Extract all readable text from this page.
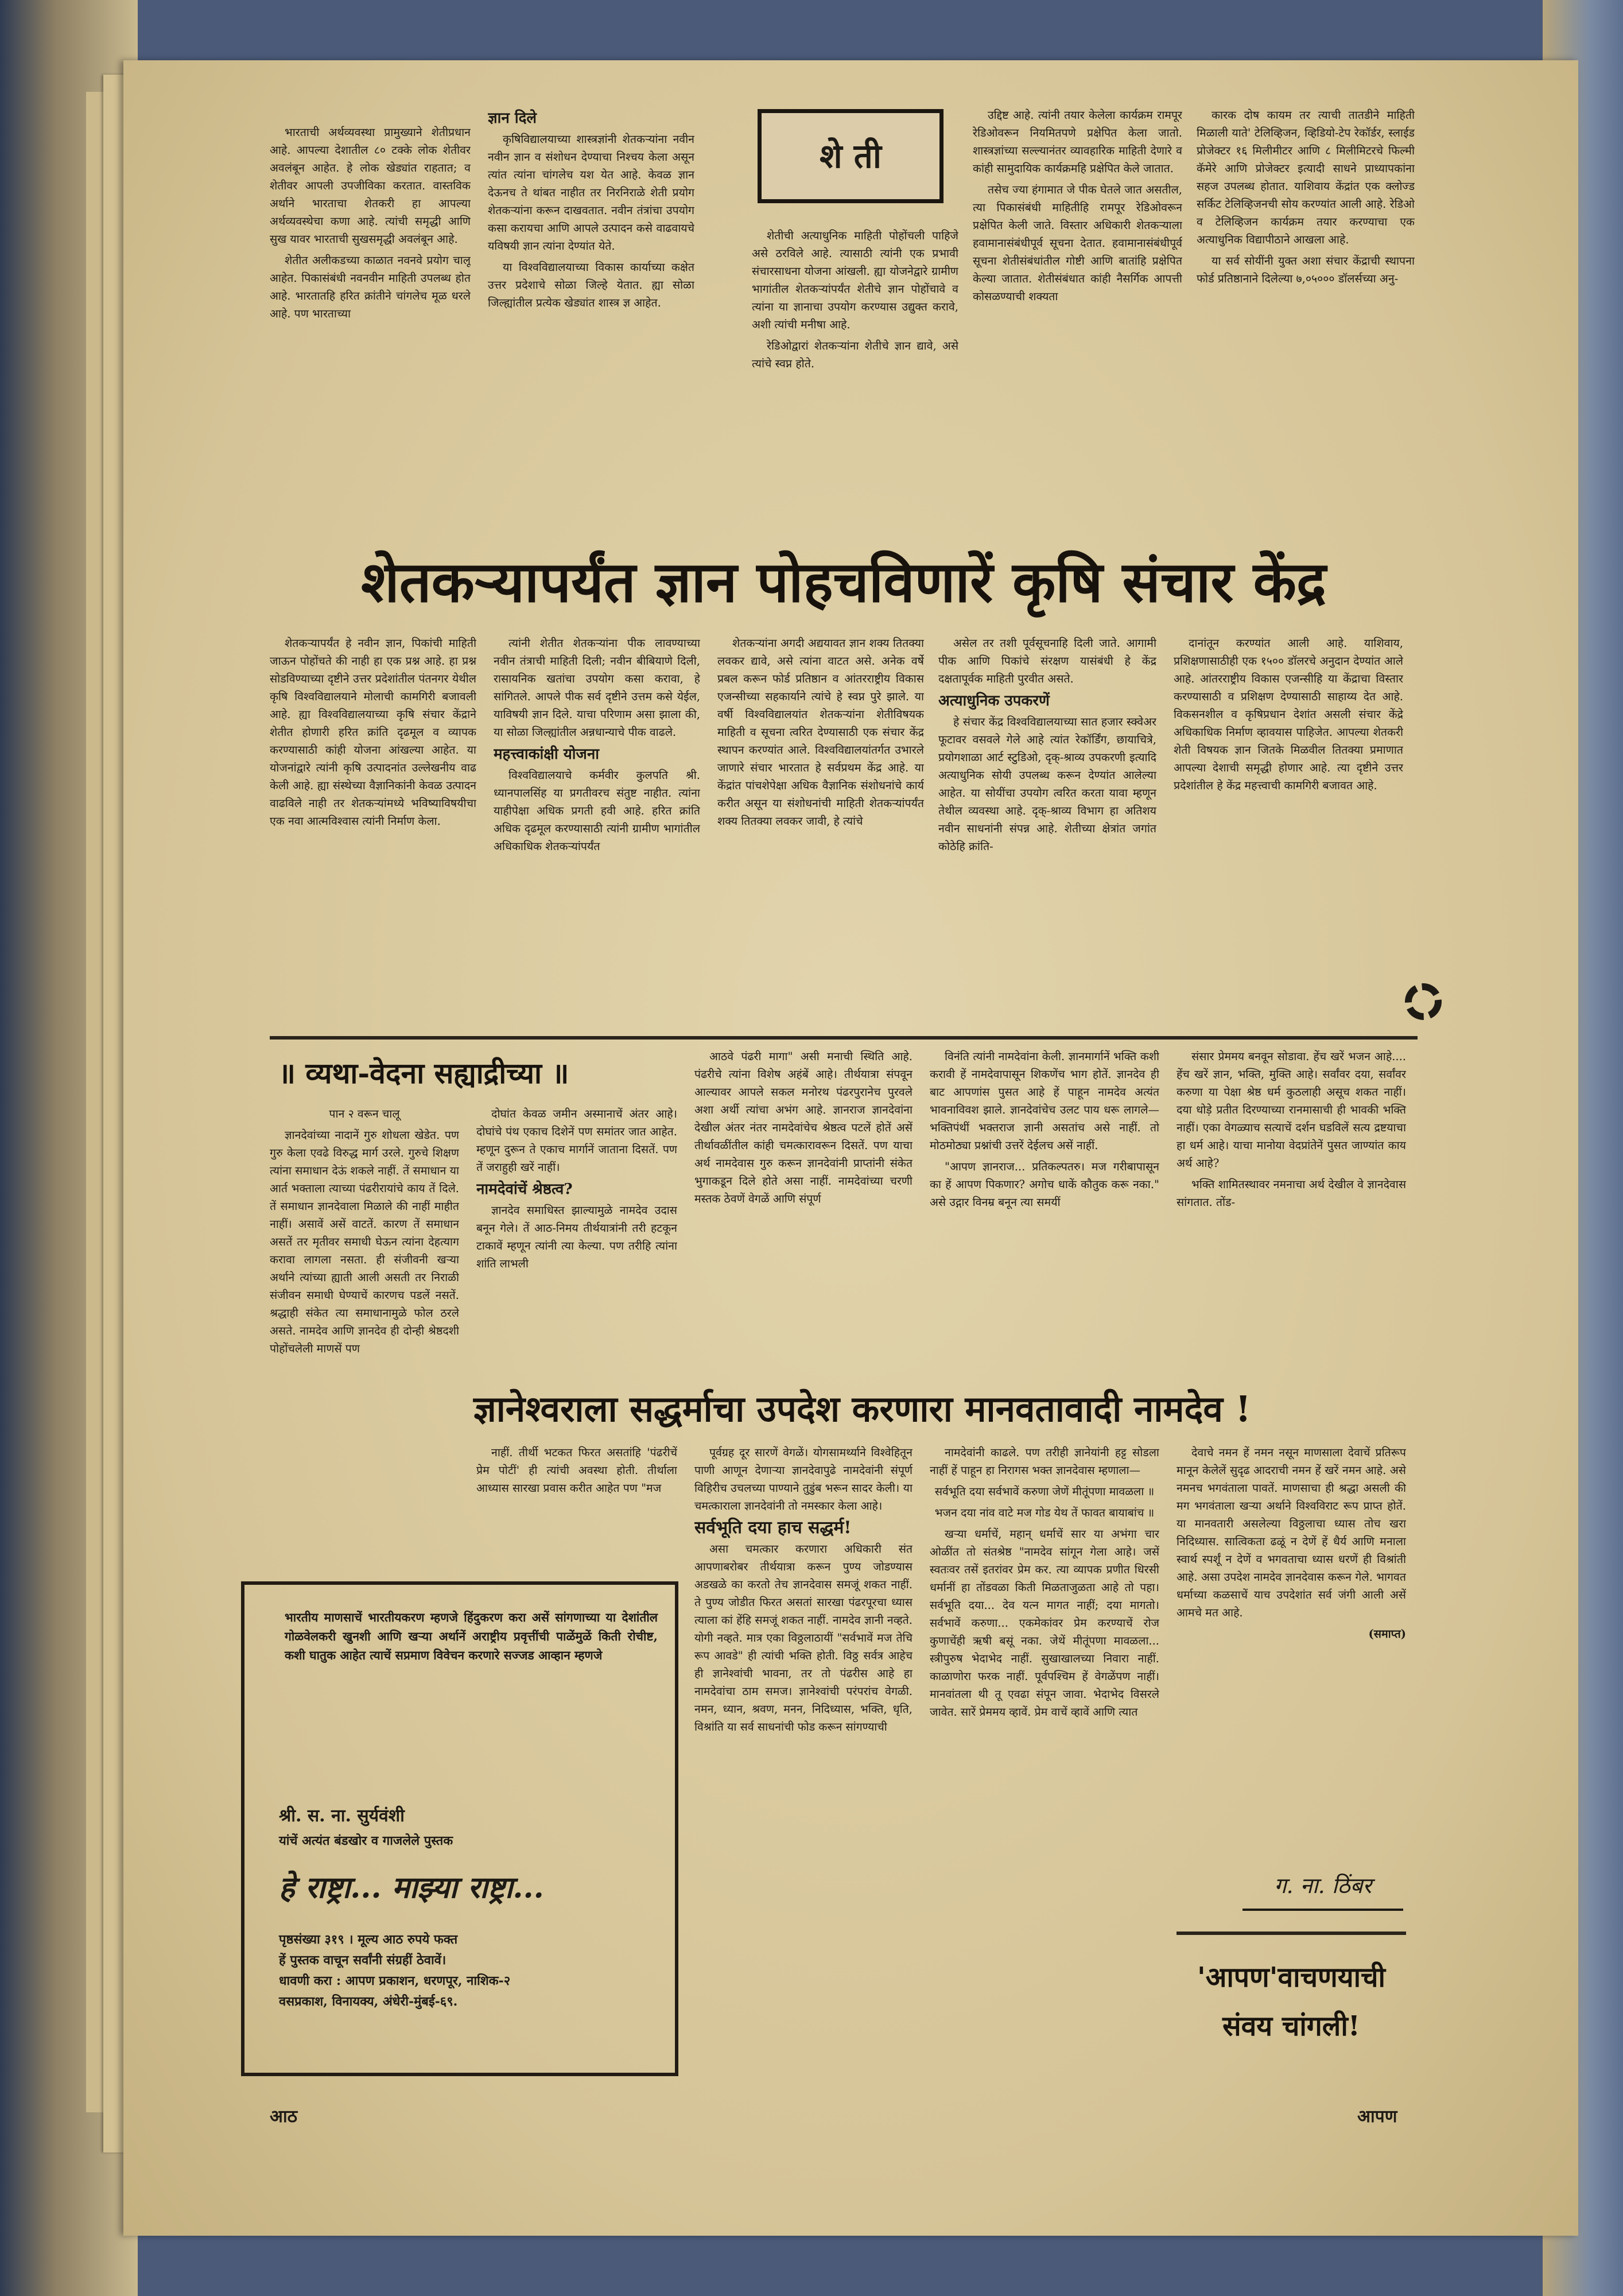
भारताची अर्थव्यवस्था प्रामुख्याने शेतीप्रधान आहे. आपल्या देशातील ८० टक्के लोक शेतीवर अवलंबून आहेत. हे लोक खेड्यांत राहतात; व शेतीवर आपली उपजीविका करतात. वास्तविक अर्थाने भारताचा शेतकरी हा आपल्या अर्थव्यवस्थेचा कणा आहे. त्यांची समृद्धी आणि सुख यावर भारताची सुखसमृद्धी अवलंबून आहे.

शेतीत अलीकडच्या काळात नवनवे प्रयोग चालू आहेत. पिकासंबंधी नवनवीन माहिती उपलब्ध होत आहे. भारतातहि हरित क्रांतीने चांगलेच मूळ धरले आहे. पण भारताच्या

ज्ञान दिले

कृषिविद्यालयाच्या शास्त्रज्ञांनी शेतकऱ्यांना नवीन नवीन ज्ञान व संशोधन देण्याचा निश्चय केला असून त्यांत त्यांना चांगलेच यश येत आहे. केवळ ज्ञान देऊनच ते थांबत नाहीत तर निरनिराळे शेती प्रयोग शेतकऱ्यांना करून दाखवतात. नवीन तंत्रांचा उपयोग कसा करायचा आणि आपले उत्पादन कसे वाढवायचे यविषयी ज्ञान त्यांना देण्यांत येते.

या विश्वविद्यालयाच्या विकास कार्याच्या कक्षेत उत्तर प्रदेशाचे सोळा जिल्हे येतात. ह्या सोळा जिल्ह्यांतील प्रत्येक खेड्यांत शास्त्र ज्ञ आहेत.

शे ती

शेतीची अत्याधुनिक माहिती पोहोंचली पाहिजे असे ठरविले आहे. त्यासाठी त्यांनी एक प्रभावी संचारसाधना योजना आंखली. ह्या योजनेद्वारे ग्रामीण भागांतील शेतकऱ्यांपर्यंत शेतीचे ज्ञान पोहोंचावे व त्यांना या ज्ञानाचा उपयोग करण्यास उद्युक्त करावे, अशी त्यांची मनीषा आहे.

रेडिओद्वारां शेतकऱ्यांना शेतीचे ज्ञान द्यावे, असे त्यांचे स्वप्न होते.

उद्दिष्ट आहे. त्यांनी तयार केलेला कार्यक्रम रामपूर रेडिओवरून नियमितपणे प्रक्षेपित केला जातो. शास्त्रज्ञांच्या सल्ल्यानंतर व्यावहारिक माहिती देणारे व कांही सामुदायिक कार्यक्रमहि प्रक्षेपित केले जातात.

तसेच ज्या हंगामात जे पीक घेतले जात असतील, त्या पिकासंबंधी माहितीहि रामपूर रेडिओवरून प्रक्षेपित केली जाते. विस्तार अधिकारी शेतकऱ्याला हवामानासंबंधीपूर्व सूचना देतात. हवामानासंबंधीपूर्व सूचना शेतीसंबंधांतील गोष्टी आणि बातांहि प्रक्षेपित केल्या जातात. शेतीसंबंधात कांही नैसर्गिक आपत्ती कोसळण्याची शक्यता

कारक दोष कायम तर त्याची तातडीने माहिती मिळाली याते' टेलिव्हिजन, व्हिडियो-टेप रेकॉर्डर, स्लाईड प्रोजेक्टर १६ मिलीमीटर आणि ८ मिलीमिटरचे फिल्मी कॅमेरे आणि प्रोजेक्टर इत्यादी साधने प्राध्यापकांना सहज उपलब्ध होतात. याशिवाय केंद्रांत एक क्लोज्ड सर्किट टेलिव्हिजनची सोय करण्यांत आली आहे. रेडिओ व टेलिव्हिजन कार्यक्रम तयार करण्याचा एक अत्याधुनिक विद्यापीठाने आखला आहे.

या सर्व सोयींनी युक्त अशा संचार केंद्राची स्थापना फोर्ड प्रतिष्ठानाने दिलेल्या ७,०५००० डॉलर्सच्या अनु-

शेतकऱ्यापर्यंत ज्ञान पोहचविणारें कृषि संचार केंद्र

शेतकऱ्यापर्यंत हे नवीन ज्ञान, पिकांची माहिती जाऊन पोहोंचते की नाही हा एक प्रश्न आहे. हा प्रश्न सोडविण्याच्या दृष्टीने उत्तर प्रदेशांतील पंतनगर येथील कृषि विश्वविद्यालयाने मोलाची कामगिरी बजावली आहे. ह्या विश्वविद्यालयाच्या कृषि संचार केंद्राने शेतीत होणारी हरित क्रांति दृढमूल व व्यापक करण्यासाठी कांही योजना आंखल्या आहेत. या योजनांद्वारे त्यांनी कृषि उत्पादनांत उल्लेखनीय वाढ केली आहे. ह्या संस्थेच्या वैज्ञानिकांनी केवळ उत्पादन वाढविले नाही तर शेतकऱ्यांमध्ये भविष्याविषयीचा एक नवा आत्मविश्वास त्यांनी निर्माण केला.

त्यांनी शेतीत शेतकऱ्यांना पीक लावण्याच्या नवीन तंत्राची माहिती दिली; नवीन बीबियाणे दिली, रासायनिक खतांचा उपयोग कसा करावा, हे सांगितले. आपले पीक सर्व दृष्टीने उत्तम कसे येईल, याविषयी ज्ञान दिले. याचा परिणाम असा झाला की, या सोळा जिल्ह्यांतील अन्नधान्याचे पीक वाढले.

महत्त्वाकांक्षी योजना

विश्वविद्यालयाचे कर्मवीर कुलपति श्री. ध्यानपालसिंह या प्रगतीवरच संतुष्ट नाहीत. त्यांना याहीपेक्षा अधिक प्रगती हवी आहे. हरित क्रांति अधिक दृढमूल करण्यासाठी त्यांनी ग्रामीण भागांतील अधिकाधिक शेतकऱ्यांपर्यंत

शेतकऱ्यांना अगदी अद्ययावत ज्ञान शक्य तितक्या लवकर द्यावे, असे त्यांना वाटत असे. अनेक वर्षे प्रबल करून फोर्ड प्रतिष्ठान व आंतरराष्ट्रीय विकास एजन्सीच्या सहकार्याने त्यांचे हे स्वप्न पुरे झाले. या वर्षी विश्वविद्यालयांत शेतकऱ्यांना शेतीविषयक माहिती व सूचना त्वरित देण्यासाठी एक संचार केंद्र स्थापन करण्यांत आले. विश्वविद्यालयांतर्गत उभारले जाणारे संचार भारतात हे सर्वप्रथम केंद्र आहे. या केंद्रांत पांचशेपेक्षा अधिक वैज्ञानिक संशोधनांचे कार्य करीत असून या संशोधनांची माहिती शेतकऱ्यांपर्यंत शक्य तितक्या लवकर जावी, हे त्यांचे

असेल तर तशी पूर्वसूचनाहि दिली जाते. आगामी पीक आणि पिकांचे संरक्षण यासंबंधी हे केंद्र दक्षतापूर्वक माहिती पुरवीत असते.

अत्याधुनिक उपकरणें

हे संचार केंद्र विश्वविद्यालयाच्या सात हजार स्क्वेअर फूटावर वसवले गेले आहे त्यांत रेकॉर्डिंग, छायाचित्रे, प्रयोगशाळा आर्ट स्टुडिओ, दृक्-श्राव्य उपकरणी इत्यादि अत्याधुनिक सोयी उपलब्ध करून देण्यांत आलेल्या आहेत. या सोयींचा उपयोग त्वरित करता यावा म्हणून तेथील व्यवस्था आहे. दृक्-श्राव्य विभाग हा अतिशय नवीन साधनांनी संपन्न आहे. शेतीच्या क्षेत्रांत जगांत कोठेहि क्रांति-

दानांतून करण्यांत आली आहे. याशिवाय, प्रशिक्षणासाठीही एक १५०० डॉलरचे अनुदान देण्यांत आले आहे. आंतरराष्ट्रीय विकास एजन्सीहि या केंद्राचा विस्तार करण्यासाठी व प्रशिक्षण देण्यासाठी साहाय्य देत आहे. विकसनशील व कृषिप्रधान देशांत असली संचार केंद्रे अधिकाधिक निर्माण व्हावयास पाहिजेत. आपल्या शेतकरी शेती विषयक ज्ञान जितके मिळवील तितक्या प्रमाणात आपल्या देशाची समृद्धी होणार आहे. त्या दृष्टीने उत्तर प्रदेशांतील हे केंद्र महत्त्वाची कामगिरी बजावत आहे.

॥ व्यथा-वेदना सह्याद्रीच्या ॥

पान २ वरून चालू

ज्ञानदेवांच्या नादानें गुरु शोधला खेडेत. पण गुरु केला एवढे विरुद्ध मार्ग उरले. गुरुचे शिक्षण त्यांना समाधान देऊं शकले नाहीं. तें समाधान या आर्त भक्ताला त्याच्या पंढरीरायांचे काय तें दिले. तें समाधान ज्ञानदेवाला मिळाले की नाहीं माहीत नाहीं। असावें असें वाटतें. कारण तें समाधान असतें तर मृतीवर समाधी घेऊन त्यांना देहत्याग करावा लागला नसता. ही संजीवनी खऱ्या अर्थाने त्यांच्या ह्याती आली असती तर निराळी संजीवन समाधी घेण्याचें कारणच पडलें नसतें. श्रद्धाही संकेत त्या समाधानामुळे फोल ठरले असते. नामदेव आणि ज्ञानदेव ही दोन्ही श्रेष्ठदशी पोहोंचलेली माणसें पण

दोघांत केवळ जमीन अस्मानाचें अंतर आहे। दोघांचे पंथ एकाच दिशेनें पण समांतर जात आहेत. म्हणून दुरून ते एकाच मार्गानें जाताना दिसतें. पण तें जराहुही खरें नाहीं।

नामदेवांचें श्रेष्ठत्व?

ज्ञानदेव समाधिस्त झाल्यामुळे नामदेव उदास बनून गेले। तें आठ-निमय तीर्थयात्रांनी तरी हटकून टाकावें म्हणून त्यांनी त्या केल्या. पण तरीहि त्यांना शांति लाभली

आठवे पंढरी मागा" असी मनाची स्थिति आहे. पंढरीचे त्यांना विशेष अहंबें आहे। तीर्थयात्रा संपवून आल्यावर आपले सकल मनोरथ पंढरपुरानेच पुरवले अशा अर्थी त्यांचा अभंग आहे. ज्ञानराज ज्ञानदेवांना देखील अंतर नंतर नामदेवांचेच श्रेष्ठत्व पटलें होतें असें तीर्थावळींतील कांही चमत्कारावरून दिसतें. पण याचा अर्थ नामदेवास गुरु करून ज्ञानदेवांनी प्राप्तांनी संकेत भुगाकडून दिले होते असा नाहीं. नामदेवांच्या चरणी मस्तक ठेवणें वेगळें आणि संपूर्ण

विनंति त्यांनी नामदेवांना केली. ज्ञानमार्गानें भक्ति कशी करावी हें नामदेवापासून शिकणेंच भाग होतें. ज्ञानदेव ही बाट आपणांस पुसत आहे हें पाहून नामदेव अत्यंत भावनाविवश झाले. ज्ञानदेवांचेच उलट पाय धरू लागले— भक्तिपंथीं भक्तराज ज्ञानी असतांच असे नाहीं. तो मोठमोठ्या प्रश्नांची उत्तरें देईलच असें नाहीं.

"आपण ज्ञानराज... प्रतिकल्पतरु। मज गरीबापासून का हें आपण पिकणार? अगोच धाकें कौतुक करू नका." असे उद्गार विनम्र बनून त्या समयीं

संसार प्रेममय बनवून सोडावा. हेंच खरें भजन आहे.... हेंच खरें ज्ञान, भक्ति, मुक्ति आहे। सर्वांवर दया, सर्वांवर करुणा या पेक्षा श्रेष्ठ धर्म कुठलाही असूच शकत नाहीं। दया धोड़े प्रतीत दिरण्याच्या रानमासाची ही भावकी भक्ति नाहीं। एका वेगळ्याच सत्याचें दर्शन घडविलें सत्य द्रष्टयाचा हा धर्म आहे। याचा मानोया वेदप्रांतेनें पुसत जाण्यांत काय अर्थ आहे?

भक्ति शामितस्थावर नमनाचा अर्थ देखील वे ज्ञानदेवास सांगतात. तोंड-

ज्ञानेश्वराला सद्धर्माचा उपदेश करणारा मानवतावादी नामदेव !

नाहीं. तीर्थी भटकत फिरत असतांहि 'पंढरीचें प्रेम पोटीं' ही त्यांची अवस्था होती. तीर्थाला आध्यास सारखा प्रवास करीत आहेत पण "मज

पूर्वग्रह दूर सारणें वेगळें। योगसामर्थ्याने विश्वेहितून पाणी आणून देणाऱ्या ज्ञानदेवापुढे नामदेवांनी संपूर्ण विहिरीच उचलच्या पाण्याने तुडुंब भरून सादर केली। या चमत्काराला ज्ञानदेवांनी तो नमस्कार केला आहे।

सर्वभूति दया हाच सद्धर्म!

असा चमत्कार करणारा अधिकारी संत आपणाबरोबर तीर्थयात्रा करून पुण्य जोडण्यास अडखळे का करतो तेच ज्ञानदेवास समजूं शकत नाहीं. ते पुण्य जोडीत फिरत असतां सारखा पंढरपूरचा ध्यास त्याला कां हेंहि समजूं शकत नाहीं. नामदेव ज्ञानी नव्हते. योगी नव्हते. मात्र एका विठ्ठलाठायीं "सर्वभावें मज तेचि रूप आवडे" ही त्यांची भक्ति होती. विठ्ठ सर्वत्र आहेच ही ज्ञानेश्वांची भावना, तर तो पंढरीस आहे हा नामदेवांचा ठाम समज। ज्ञानेश्वांची परंपरांच वेगळी. नमन, ध्यान, श्रवण, मनन, निदिध्यास, भक्ति, धृति, विश्रांति या सर्व साधनांची फोड करून सांगण्याची

नामदेवांनी काढले. पण तरीही ज्ञानेयांनी हट्ट सोडला नाहीं हें पाहून हा निरागस भक्त ज्ञानदेवास म्हणाला—

सर्वभूति दया सर्वभावें करुणा जेणें मीतूंपणा मावळला ॥

भजन दया नांव वाटे मज गोड येथ तें फावत बायाबांच ॥

खऱ्या धर्माचें, महान् धर्माचें सार या अभंगा चार ओळींत तो संतश्रेष्ठ "नामदेव सांगून गेला आहे। जसें स्वतःवर तसें इतरांवर प्रेम कर. त्या व्यापक प्रणीत धिरसी धर्मानीं हा तोंडवळा किती मिळताजुळता आहे तो पहा। सर्वभूति दया... देव यत्न मागत नाहीं; दया मागतो। सर्वभावें करुणा... एकमेकांवर प्रेम करण्याचें रोज कुणाचेंही ऋषी बसूं नका. जेथें मीतूंपणा मावळला... स्त्रीपुरुष भेदाभेद नाहीं. सुखाखालच्या निवारा नाहीं. काळाणोरा फरक नाहीं. पूर्वपश्चिम हें वेगळेंपण नाहीं। मानवांतला थी तू एवढा संपून जावा. भेदाभेद विसरले जावेत. सारें प्रेममय व्हावें. प्रेम वाचें व्हावें आणि त्यात

देवाचे नमन हें नमन नसून माणसाला देवाचें प्रतिरूप मानून केलेलें सुदृढ आदराची नमन हें खरें नमन आहे. असे नमनच भगवंताला पावतें. माणसाचा ही श्रद्धा असली की मग भगवंताला खऱ्या अर्थाने विश्वविराट रूप प्राप्त होतें. या मानवतारी असलेल्या विठ्ठलाचा ध्यास तोच खरा निदिध्यास. सात्विकता ढळूं न देणें हें धैर्य आणि मनाला स्वार्थ स्पर्शूं न देणें व भगवताचा ध्यास धरणें ही विश्रांती आहे. असा उपदेश नामदेव ज्ञानदेवास करून गेले. भागवत धर्माच्या कळसाचें याच उपदेशांत सर्व जंगी आली असें आमचे मत आहे.

(समाप्त)

ग. ना. ठिंबर
'आपण'वाचणयाची
संवय चांगली!
भारतीय माणसाचें भारतीयकरण म्हणजे हिंदुकरण करा असें सांगणाच्या या देशांतील गोळवेलकरी खुनशी आणि खऱ्या अर्थानें अराष्ट्रीय प्रवृत्तींची पाळेंमुळें किती रोचीष्ट, कशी घातुक आहेत त्याचें सप्रमाण विवेचन करणारे सज्जड आव्हान म्हणजे
श्री. स. ना. सुर्यवंशी
यांचें अत्यंत बंडखोर व गाजलेले पुस्तक
हे राष्ट्रा... माझ्या राष्ट्रा...
पृष्ठसंख्या ३१९ । मूल्य आठ रुपये फक्त
हें पुस्तक वाचून सर्वांनी संग्रहीं ठेवावें।
धावणी करा : आपण प्रकाशन, धरणपूर, नाशिक-२
वसप्रकाश, विनायक्य, अंधेरी-मुंबई-६९.
आठ	आपण
